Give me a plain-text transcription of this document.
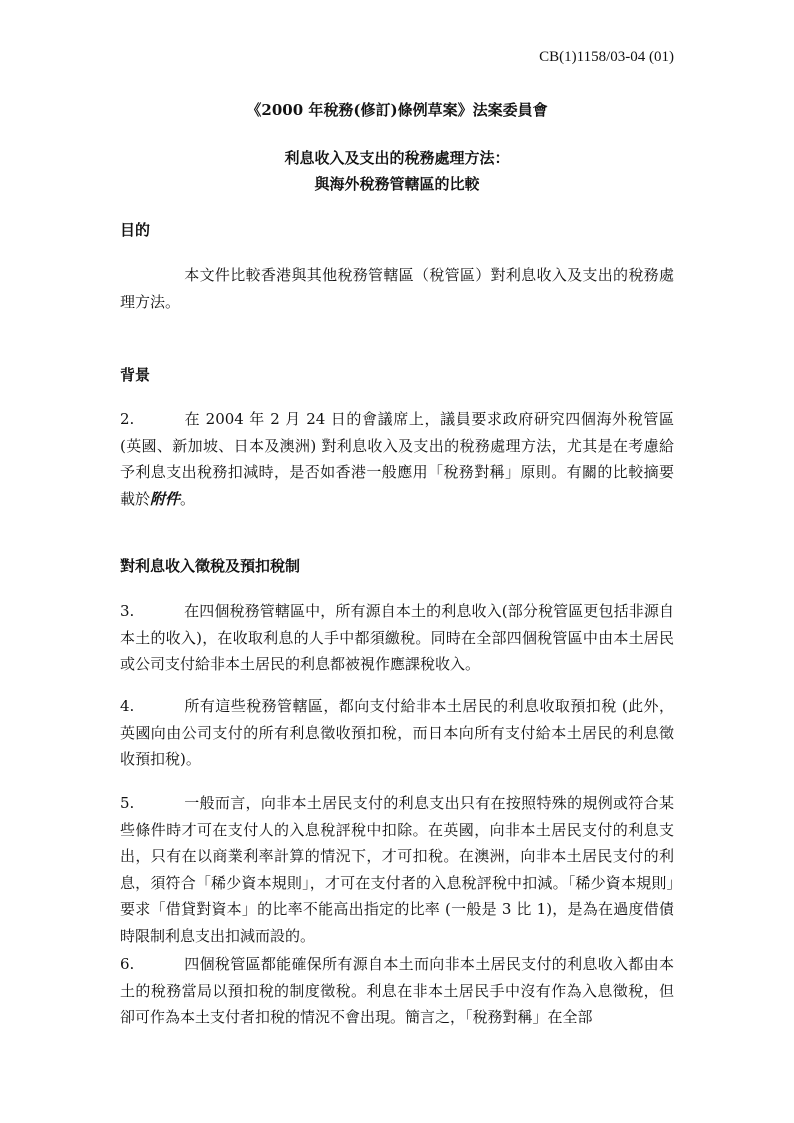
CB(1)1158/03-04 (01)
《2000 年稅務(修訂)條例草案》法案委員會
利息收入及支出的稅務處理方法：
與海外稅務管轄區的比較
目的

本文件比較香港與其他稅務管轄區（稅管區）對利息收入及支出的稅務處理方法。

背景

2.	在 2004 年 2 月 24 日的會議席上，議員要求政府研究四個海外稅管區 (英國、新加坡、日本及澳洲) 對利息收入及支出的稅務處理方法，尤其是在考慮給予利息支出稅務扣減時，是否如香港一般應用「稅務對稱」原則。有關的比較摘要載於附件。

對利息收入徵稅及預扣稅制

3.	在四個稅務管轄區中，所有源自本土的利息收入(部分稅管區更包括非源自本土的收入)，在收取利息的人手中都須繳稅。同時在全部四個稅管區中由本土居民或公司支付給非本土居民的利息都被視作應課稅收入。

4.	所有這些稅務管轄區，都向支付給非本土居民的利息收取預扣稅 (此外，英國向由公司支付的所有利息徵收預扣稅，而日本向所有支付給本土居民的利息徵收預扣稅)。

5.	一般而言，向非本土居民支付的利息支出只有在按照特殊的規例或符合某些條件時才可在支付人的入息稅評稅中扣除。在英國，向非本土居民支付的利息支出，只有在以商業利率計算的情況下，才可扣稅。在澳洲，向非本土居民支付的利息，須符合「稀少資本規則」，才可在支付者的入息稅評稅中扣減。「稀少資本規則」要求「借貸對資本」的比率不能高出指定的比率 (一般是 3 比 1)，是為在過度借債時限制利息支出扣減而設的。

6.	四個稅管區都能確保所有源自本土而向非本土居民支付的利息收入都由本土的稅務當局以預扣稅的制度徵稅。利息在非本土居民手中沒有作為入息徵稅，但卻可作為本土支付者扣稅的情況不會出現。簡言之，「稅務對稱」在全部
